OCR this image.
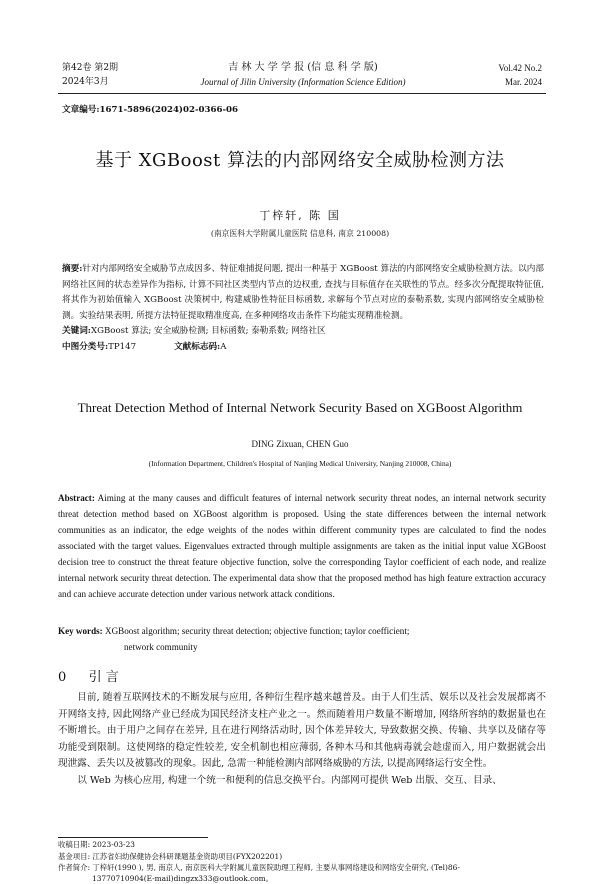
第42卷 第2期
2024年3月
吉 林 大 学 学 报 (信 息 科 学 版)
Journal of Jilin University (Information Science Edition)
Vol.42 No.2
Mar. 2024
文章编号:1671-5896(2024)02-0366-06
基于 XGBoost 算法的内部网络安全威胁检测方法
丁梓轩, 陈 国
(南京医科大学附属儿童医院 信息科, 南京 210008)

摘要:针对内部网络安全威胁节点成因多、特征难捕捉问题, 提出一种基于 XGBoost 算法的内部网络安全威胁检测方法。以内部网络社区间的状态差异作为指标, 计算不同社区类型内节点的边权重, 查找与目标值存在关联性的节点。经多次分配提取特征值, 将其作为初始值输入 XGBoost 决策树中, 构建威胁性特征目标函数, 求解每个节点对应的泰勒系数, 实现内部网络安全威胁检测。实验结果表明, 所提方法特征提取精准度高, 在多种网络攻击条件下均能实现精准检测。

关键词:XGBoost 算法; 安全威胁检测; 目标函数; 泰勒系数; 网络社区

中图分类号:TP147	文献标志码:A

Threat Detection Method of Internal Network Security Based on XGBoost Algorithm
DING Zixuan, CHEN Guo
(Information Department, Children's Hospital of Nanjing Medical University, Nanjing 210008, China)
Abstract: Aiming at the many causes and difficult features of internal network security threat nodes, an internal network security threat detection method based on XGBoost algorithm is proposed. Using the state differences between the internal network communities as an indicator, the edge weights of the nodes within different community types are calculated to find the nodes associated with the target values. Eigenvalues extracted through multiple assignments are taken as the initial input value XGBoost decision tree to construct the threat feature objective function, solve the corresponding Taylor coefficient of each node, and realize internal network security threat detection. The experimental data show that the proposed method has high feature extraction accuracy and can achieve accurate detection under various network attack conditions.
Key words: XGBoost algorithm; security threat detection; objective function; taylor coefficient;
network community
0 引 言

目前, 随着互联网技术的不断发展与应用, 各种衍生程序越来越普及。由于人们生活、娱乐以及社会发展都离不开网络支持, 因此网络产业已经成为国民经济支柱产业之一。然而随着用户数量不断增加, 网络所容纳的数据量也在不断增长。由于用户之间存在差异, 且在进行网络活动时, 因个体差异较大, 导致数据交换、传输、共享以及储存等功能受到限制。这使网络的稳定性较差, 安全机制也相应薄弱, 各种木马和其他病毒就会趁虚而入, 用户数据就会出现泄露、丢失以及被篡改的现象。因此, 急需一种能检测内部网络威胁的方法, 以提高网络运行安全性。

以 Web 为核心应用, 构建一个统一和便利的信息交换平台。内部网可提供 Web 出版、交互、目录、

收稿日期: 2023-03-23
基金项目: 江苏省妇幼保健协会科研课题基金资助项目(FYX202201)
作者简介: 丁梓轩(1990 ), 男, 南京人, 南京医科大学附属儿童医院助理工程师, 主要从事网络建设和网络安全研究, (Tel)86-
13770710904(E-mail)dingzx333@outlook.com。
